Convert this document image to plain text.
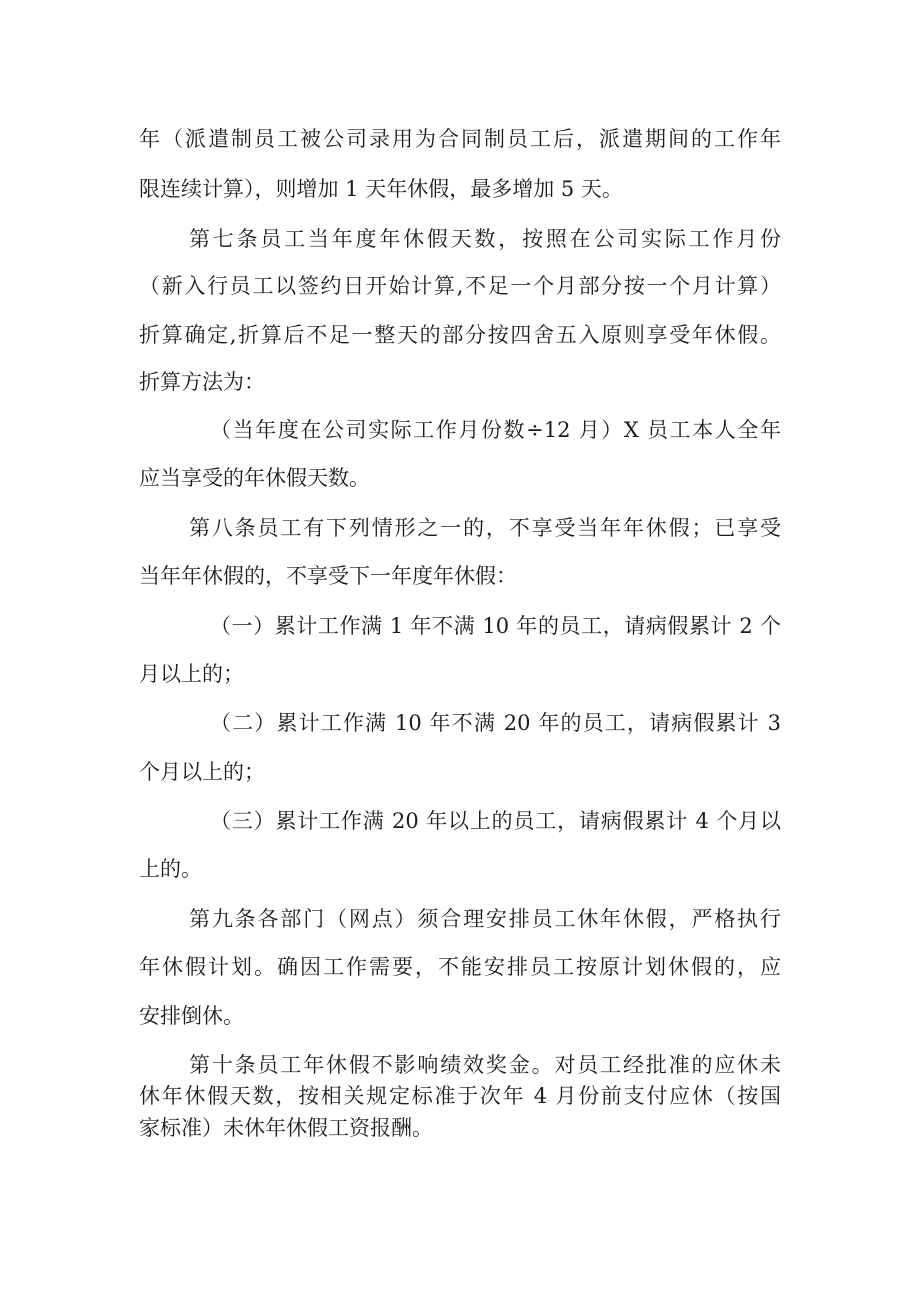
年（派遣制员工被公司录用为合同制员工后，派遣期间的工作年

限连续计算），则增加 1 天年休假，最多增加 5 天。

第七条员工当年度年休假天数，按照在公司实际工作月份

（新入行员工以签约日开始计算,不足一个月部分按一个月计算）

折算确定,折算后不足一整天的部分按四舍五入原则享受年休假。

折算方法为：

（当年度在公司实际工作月份数÷12 月）X 员工本人全年

应当享受的年休假天数。

第八条员工有下列情形之一的，不享受当年年休假；已享受

当年年休假的，不享受下一年度年休假：

（一）累计工作满 1 年不满 10 年的员工，请病假累计 2 个

月以上的；

（二）累计工作满 10 年不满 20 年的员工，请病假累计 3

个月以上的；

（三）累计工作满 20 年以上的员工，请病假累计 4 个月以

上的。

第九条各部门（网点）须合理安排员工休年休假，严格执行

年休假计划。确因工作需要，不能安排员工按原计划休假的，应

安排倒休。

第十条员工年休假不影响绩效奖金。对员工经批准的应休未

休年休假天数，按相关规定标准于次年 4 月份前支付应休（按国

家标准）未休年休假工资报酬。
